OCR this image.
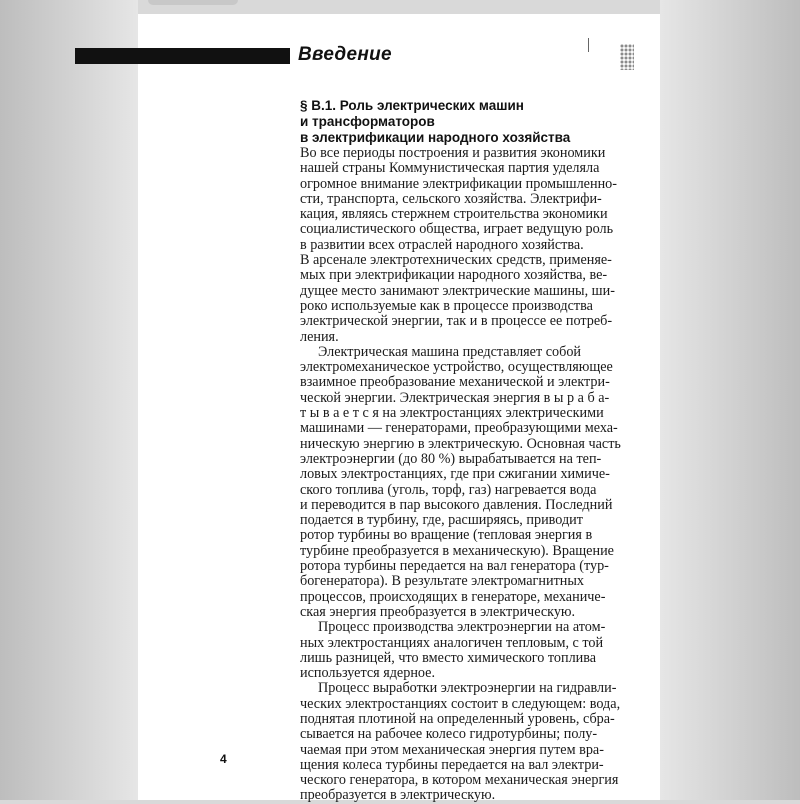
Введение
§ В.1. Роль электрических машин
и трансформаторов
в электрификации народного хозяйства
Во все периоды построения и развития экономики
нашей страны Коммунистическая партия уделяла
огромное внимание электрификации промышленно-
сти, транспорта, сельского хозяйства. Электрифи-
кация, являясь стержнем строительства экономики
социалистического общества, играет ведущую роль
в развитии всех отраслей народного хозяйства.
В арсенале электротехнических средств, применяе-
мых при электрификации народного хозяйства, ве-
дущее место занимают электрические машины, ши-
роко используемые как в процессе производства
электрической энергии, так и в процессе ее потреб-
ления.
Электрическая машина представляет собой
электромеханическое устройство, осуществляющее
взаимное преобразование механической и электри-
ческой энергии. Электрическая энергия в ы р а б а-
т ы в а е т с я на электростанциях электрическими
машинами — генераторами, преобразующими меха-
ническую энергию в электрическую. Основная часть
электроэнергии (до 80 %) вырабатывается на теп-
ловых электростанциях, где при сжигании химиче-
ского топлива (уголь, торф, газ) нагревается вода
и переводится в пар высокого давления. Последний
подается в турбину, где, расширяясь, приводит
ротор турбины во вращение (тепловая энергия в
турбине преобразуется в механическую). Вращение
ротора турбины передается на вал генератора (тур-
богенератора). В результате электромагнитных
процессов, происходящих в генераторе, механиче-
ская энергия преобразуется в электрическую.
Процесс производства электроэнергии на атом-
ных электростанциях аналогичен тепловым, с той
лишь разницей, что вместо химического топлива
используется ядерное.
Процесс выработки электроэнергии на гидравли-
ческих электростанциях состоит в следующем: вода,
поднятая плотиной на определенный уровень, сбра-
сывается на рабочее колесо гидротурбины; полу-
чаемая при этом механическая энергия путем вра-
щения колеса турбины передается на вал электри-
ческого генератора, в котором механическая энергия
преобразуется в электрическую.
4
